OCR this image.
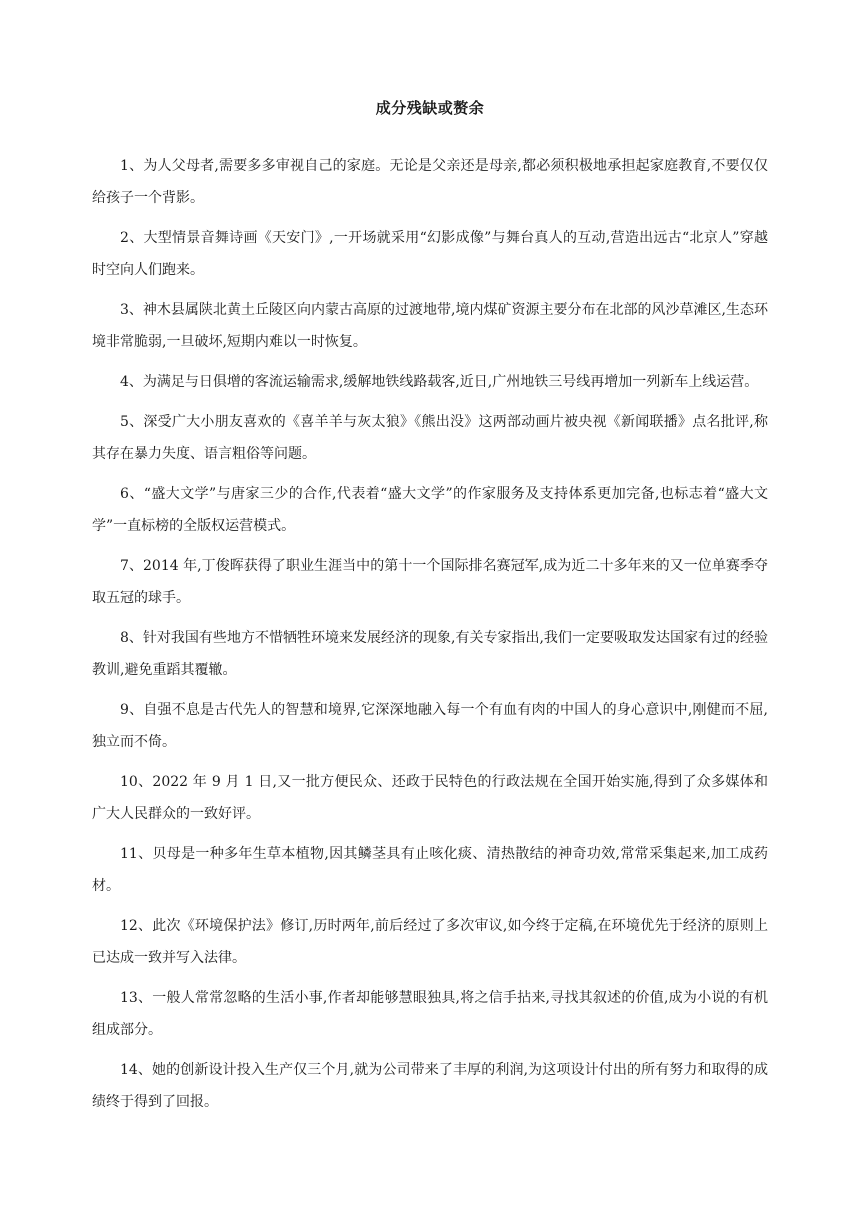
成分残缺或赘余

1、为人父母者,需要多多审视自己的家庭。无论是父亲还是母亲,都必须积极地承担起家庭教育,不要仅仅给孩子一个背影。

2、大型情景音舞诗画《天安门》,一开场就采用“幻影成像”与舞台真人的互动,营造出远古“北京人”穿越时空向人们跑来。

3、神木县属陕北黄土丘陵区向内蒙古高原的过渡地带,境内煤矿资源主要分布在北部的风沙草滩区,生态环境非常脆弱,一旦破坏,短期内难以一时恢复。

4、为满足与日俱增的客流运输需求,缓解地铁线路载客,近日,广州地铁三号线再增加一列新车上线运营。

5、深受广大小朋友喜欢的《喜羊羊与灰太狼》《熊出没》这两部动画片被央视《新闻联播》点名批评,称其存在暴力失度、语言粗俗等问题。

6、“盛大文学”与唐家三少的合作,代表着“盛大文学”的作家服务及支持体系更加完备,也标志着“盛大文学”一直标榜的全版权运营模式。

7、2014 年,丁俊晖获得了职业生涯当中的第十一个国际排名赛冠军,成为近二十多年来的又一位单赛季夺取五冠的球手。

8、针对我国有些地方不惜牺牲环境来发展经济的现象,有关专家指出,我们一定要吸取发达国家有过的经验教训,避免重蹈其覆辙。

9、自强不息是古代先人的智慧和境界,它深深地融入每一个有血有肉的中国人的身心意识中,刚健而不屈,独立而不倚。

10、2022 年 9 月 1 日,又一批方便民众、还政于民特色的行政法规在全国开始实施,得到了众多媒体和广大人民群众的一致好评。

11、贝母是一种多年生草本植物,因其鳞茎具有止咳化痰、清热散结的神奇功效,常常采集起来,加工成药材。

12、此次《环境保护法》修订,历时两年,前后经过了多次审议,如今终于定稿,在环境优先于经济的原则上已达成一致并写入法律。

13、一般人常常忽略的生活小事,作者却能够慧眼独具,将之信手拈来,寻找其叙述的价值,成为小说的有机组成部分。

14、她的创新设计投入生产仅三个月,就为公司带来了丰厚的利润,为这项设计付出的所有努力和取得的成绩终于得到了回报。
